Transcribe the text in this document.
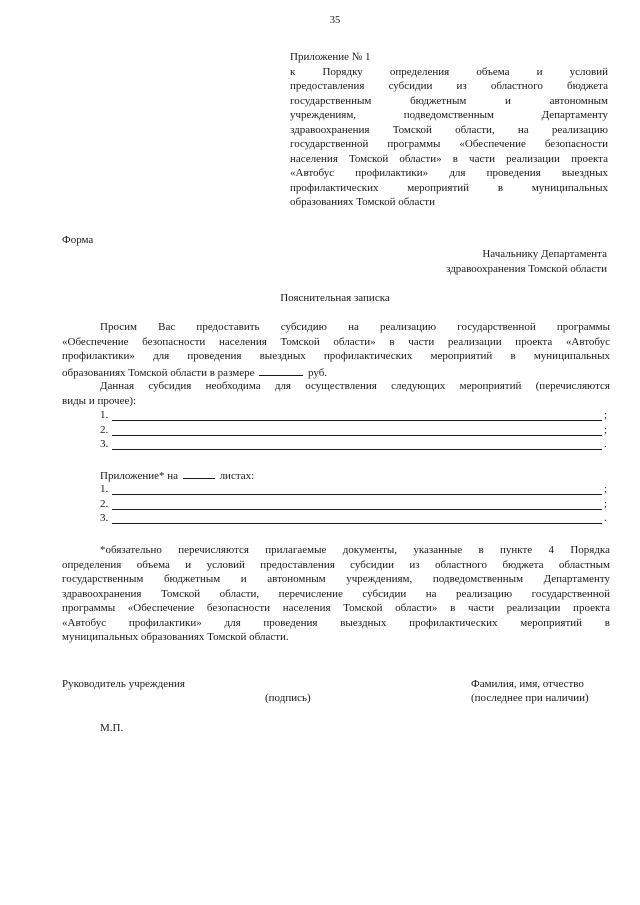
35
Приложение № 1
к Порядку определения объема и условий
предоставления субсидии из областного бюджета
государственным бюджетным и автономным
учреждениям, подведомственным Департаменту
здравоохранения Томской области, на реализацию
государственной программы «Обеспечение безопасности
населения Томской области» в части реализации проекта
«Автобус профилактики» для проведения выездных
профилактических мероприятий в муниципальных
образованиях Томской области
Форма
Начальнику Департамента
здравоохранения Томской области
Пояснительная записка
Просим Вас предоставить субсидию на реализацию государственной программы
«Обеспечение безопасности населения Томской области» в части реализации проекта «Автобус
профилактики» для проведения выездных профилактических мероприятий в муниципальных
образованиях Томской области в размере	руб.
Данная субсидия необходима для осуществления следующих мероприятий (перечисляются
виды и прочее):
1.	;
2.	;
3.	.
Приложение* на	листах:
1.	;
2.	;
3.	.
*обязательно перечисляются прилагаемые документы, указанные в пункте 4 Порядка
определения объема и условий предоставления субсидии из областного бюджета областным
государственным бюджетным и автономным учреждениям, подведомственным Департаменту
здравоохранения Томской области, перечисление субсидии на реализацию государственной
программы «Обеспечение безопасности населения Томской области» в части реализации проекта
«Автобус профилактики» для проведения выездных профилактических мероприятий в
муниципальных образованиях Томской области.
Руководитель учреждения	Фамилия, имя, отчество
(подпись)	(последнее при наличии)
М.П.
